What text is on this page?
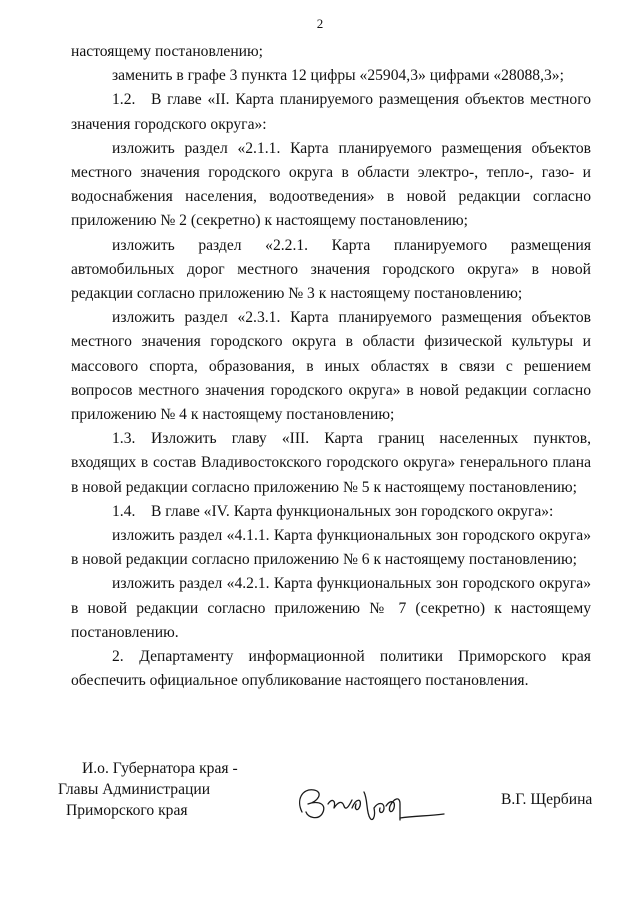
2

настоящему постановлению;

заменить в графе 3 пункта 12 цифры «25904,3» цифрами «28088,3»;

1.2. В главе «II. Карта планируемого размещения объектов местного значения городского округа»:

изложить раздел «2.1.1. Карта планируемого размещения объектов местного значения городского округа в области электро-, тепло-, газо- и водоснабжения населения, водоотведения» в новой редакции согласно приложению № 2 (секретно) к настоящему постановлению;

изложить раздел «2.2.1. Карта планируемого размещения автомобильных дорог местного значения городского округа» в новой редакции согласно приложению № 3 к настоящему постановлению;

изложить раздел «2.3.1. Карта планируемого размещения объектов местного значения городского округа в области физической культуры и массового спорта, образования, в иных областях в связи с решением вопросов местного значения городского округа» в новой редакции согласно приложению № 4 к настоящему постановлению;

1.3. Изложить главу «III. Карта границ населенных пунктов, входящих в состав Владивостокского городского округа» генерального плана в новой редакции согласно приложению № 5 к настоящему постановлению;

1.4. В главе «IV. Карта функциональных зон городского округа»:

изложить раздел «4.1.1. Карта функциональных зон городского округа» в новой редакции согласно приложению № 6 к настоящему постановлению;

изложить раздел «4.2.1. Карта функциональных зон городского округа» в новой редакции согласно приложению № 7 (секретно) к настоящему постановлению.

2. Департаменту информационной политики Приморского края обеспечить официальное опубликование настоящего постановления.

И.о. Губернатора края -
Главы Администрации
Приморского края
В.Г. Щербина
